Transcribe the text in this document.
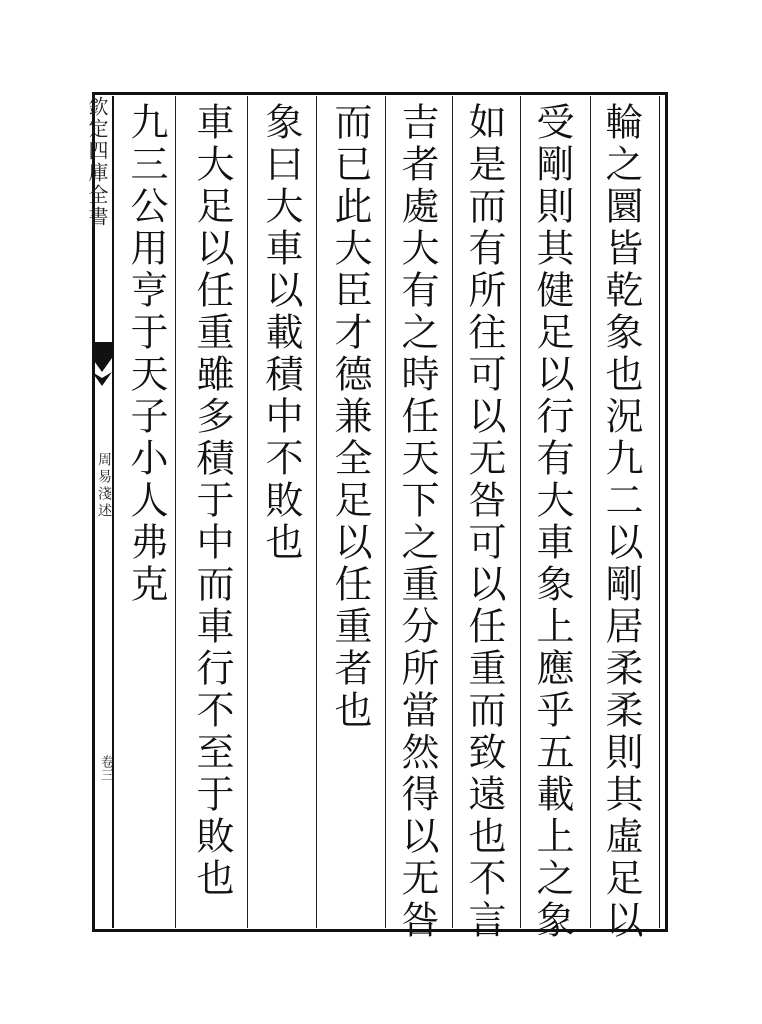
欽定四庫全書
周易淺述
卷三	輪之圜皆乾象也況九二以剛居柔柔則其虛足以
受剛則其健足以行有大車象上應乎五載上之象
如是而有所往可以无咎可以任重而致遠也不言
吉者處大有之時任天下之重分所當然得以无咎
而已此大臣才德兼全足以任重者也
象曰大車以載積中不敗也
車大足以任重雖多積于中而車行不至于敗也
九三公用亨于天子小人弗克
